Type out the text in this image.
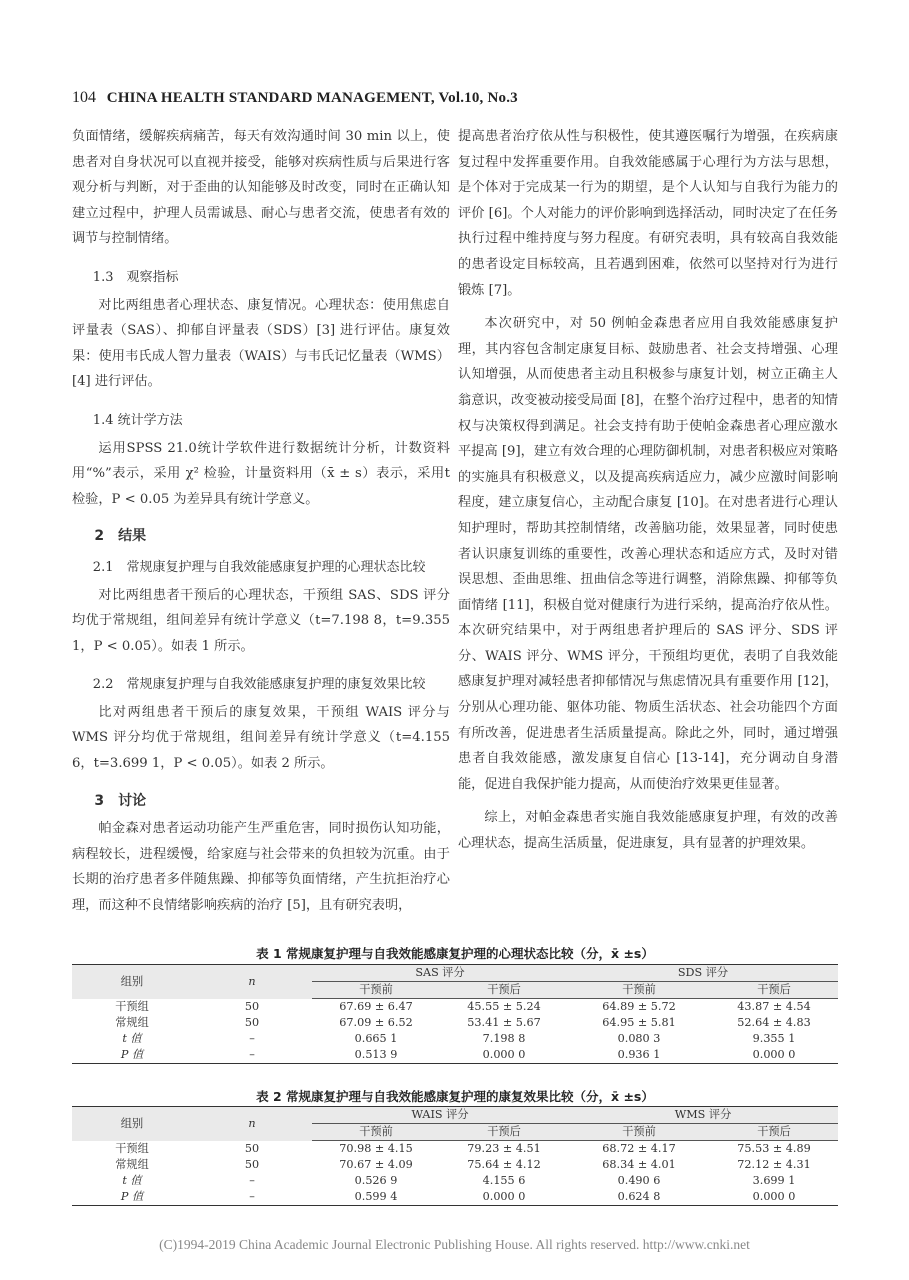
104 CHINA HEALTH STANDARD MANAGEMENT, Vol.10, No.3

负面情绪，缓解疾病痛苦，每天有效沟通时间 30 min 以上，使患者对自身状况可以直视并接受，能够对疾病性质与后果进行客观分析与判断，对于歪曲的认知能够及时改变，同时在正确认知建立过程中，护理人员需诚恳、耐心与患者交流，使患者有效的调节与控制情绪。

1.3　观察指标

对比两组患者心理状态、康复情况。心理状态：使用焦虑自评量表（SAS）、抑郁自评量表（SDS）[3] 进行评估。康复效果：使用韦氏成人智力量表（WAIS）与韦氏记忆量表（WMS）[4] 进行评估。

1.4 统计学方法

运用SPSS 21.0统计学软件进行数据统计分析，计数资料用“%”表示，采用 χ² 检验，计量资料用（x̄ ± s）表示，采用t 检验，P < 0.05 为差异具有统计学意义。

2　结果
2.1　常规康复护理与自我效能感康复护理的心理状态比较

对比两组患者干预后的心理状态，干预组 SAS、SDS 评分均优于常规组，组间差异有统计学意义（t=7.198 8，t=9.355 1，P < 0.05）。如表 1 所示。

2.2　常规康复护理与自我效能感康复护理的康复效果比较

比对两组患者干预后的康复效果，干预组 WAIS 评分与 WMS 评分均优于常规组，组间差异有统计学意义（t=4.155 6，t=3.699 1，P < 0.05）。如表 2 所示。

3　讨论

帕金森对患者运动功能产生严重危害，同时损伤认知功能，病程较长，进程缓慢，给家庭与社会带来的负担较为沉重。由于长期的治疗患者多伴随焦躁、抑郁等负面情绪，产生抗拒治疗心理，而这种不良情绪影响疾病的治疗 [5]，且有研究表明，

提高患者治疗依从性与积极性，使其遵医嘱行为增强，在疾病康复过程中发挥重要作用。自我效能感属于心理行为方法与思想，是个体对于完成某一行为的期望，是个人认知与自我行为能力的评价 [6]。个人对能力的评价影响到选择活动，同时决定了在任务执行过程中维持度与努力程度。有研究表明，具有较高自我效能的患者设定目标较高，且若遇到困难，依然可以坚持对行为进行锻炼 [7]。

本次研究中，对 50 例帕金森患者应用自我效能感康复护理，其内容包含制定康复目标、鼓励患者、社会支持增强、心理认知增强，从而使患者主动且积极参与康复计划，树立正确主人翁意识，改变被动接受局面 [8]，在整个治疗过程中，患者的知情权与决策权得到满足。社会支持有助于使帕金森患者心理应激水平提高 [9]，建立有效合理的心理防御机制，对患者积极应对策略的实施具有积极意义，以及提高疾病适应力，减少应激时间影响程度，建立康复信心，主动配合康复 [10]。在对患者进行心理认知护理时，帮助其控制情绪，改善脑功能，效果显著，同时使患者认识康复训练的重要性，改善心理状态和适应方式，及时对错误思想、歪曲思维、扭曲信念等进行调整，消除焦躁、抑郁等负面情绪 [11]，积极自觉对健康行为进行采纳，提高治疗依从性。本次研究结果中，对于两组患者护理后的 SAS 评分、SDS 评分、WAIS 评分、WMS 评分，干预组均更优，表明了自我效能感康复护理对减轻患者抑郁情况与焦虑情况具有重要作用 [12]，分别从心理功能、躯体功能、物质生活状态、社会功能四个方面有所改善，促进患者生活质量提高。除此之外，同时，通过增强患者自我效能感，激发康复自信心 [13-14]，充分调动自身潜能，促进自我保护能力提高，从而使治疗效果更佳显著。

综上，对帕金森患者实施自我效能感康复护理，有效的改善心理状态，提高生活质量，促进康复，具有显著的护理效果。

表 1 常规康复护理与自我效能感康复护理的心理状态比较（分，x̄ ±s）
组别	n	SAS 评分		SDS 评分	
		干预前	干预后	干预前	干预后
干预组	50	67.69 ± 6.47	45.55 ± 5.24	64.89 ± 5.72	43.87 ± 4.54
常规组	50	67.09 ± 6.52	53.41 ± 5.67	64.95 ± 5.81	52.64 ± 4.83
t 值	–	0.665 1	7.198 8	0.080 3	9.355 1
P 值	–	0.513 9	0.000 0	0.936 1	0.000 0
表 2 常规康复护理与自我效能感康复护理的康复效果比较（分，x̄ ±s）
组别	n	WAIS 评分		WMS 评分	
		干预前	干预后	干预前	干预后
干预组	50	70.98 ± 4.15	79.23 ± 4.51	68.72 ± 4.17	75.53 ± 4.89
常规组	50	70.67 ± 4.09	75.64 ± 4.12	68.34 ± 4.01	72.12 ± 4.31
t 值	–	0.526 9	4.155 6	0.490 6	3.699 1
P 值	–	0.599 4	0.000 0	0.624 8	0.000 0
(C)1994-2019 China Academic Journal Electronic Publishing House. All rights reserved. http://www.cnki.net
